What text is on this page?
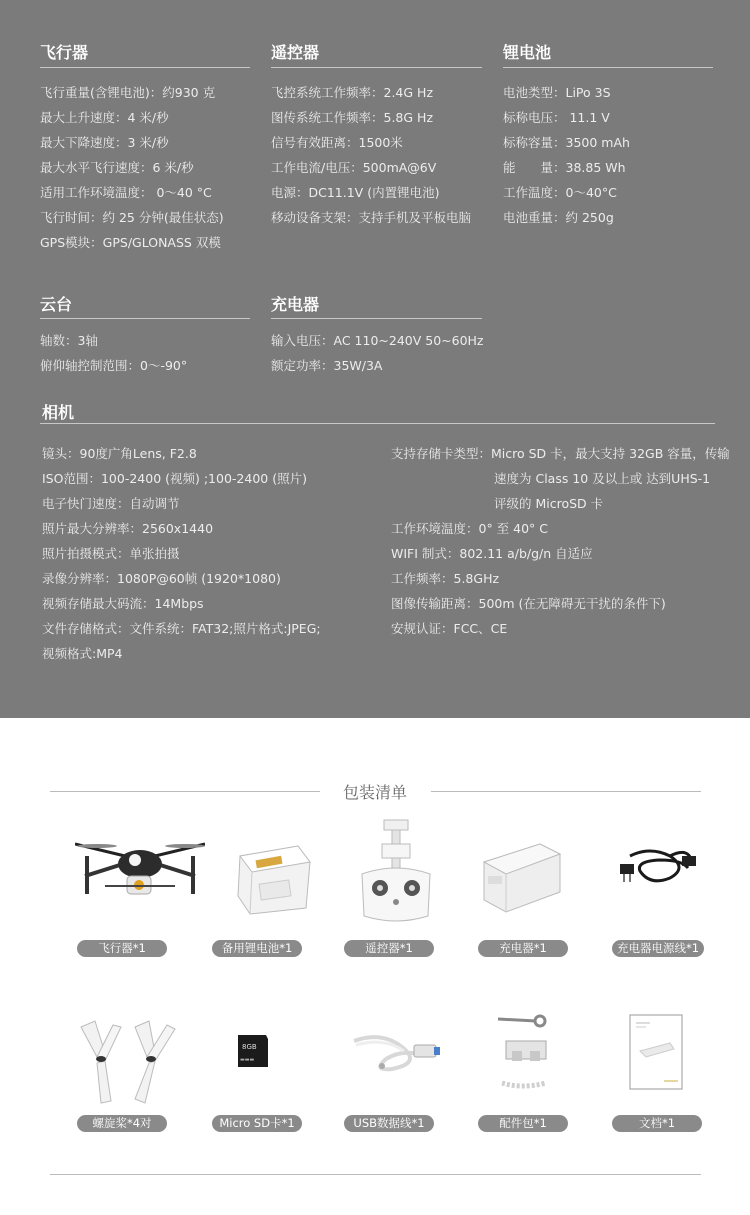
飞行器
飞行重量(含锂电池)：约930 克
最大上升速度：4 米/秒
最大下降速度：3 米/秒
最大水平飞行速度：6 米/秒
适用工作环境温度： 0～40 °C
飞行时间：约 25 分钟(最佳状态)
GPS模块：GPS/GLONASS 双模
遥控器
飞控系统工作频率：2.4G Hz
图传系统工作频率：5.8G Hz
信号有效距离：1500米
工作电流/电压：500mA@6V
电源：DC11.1V (内置锂电池)
移动设备支架：支持手机及平板电脑
锂电池
电池类型：LiPo 3S
标称电压： 11.1 V
标称容量：3500 mAh
能　　量：38.85 Wh
工作温度：0～40°C
电池重量：约 250g
云台
轴数：3轴
俯仰轴控制范围：0～-90°
充电器
输入电压：AC 110~240V 50~60Hz
额定功率：35W/3A
相机
镜头：90度广角Lens, F2.8
ISO范围：100-2400 (视频) ;100-2400 (照片)
电子快门速度：自动调节
照片最大分辨率：2560x1440
照片拍摄模式：单张拍摄
录像分辨率：1080P@60帧 (1920*1080)
视频存储最大码流：14Mbps
文件存储格式：文件系统：FAT32;照片格式:JPEG;
视频格式:MP4
支持存储卡类型：Micro SD 卡，最大支持 32GB 容量，传输
速度为 Class 10 及以上或 达到UHS-1
评级的 MicroSD 卡
工作环境温度：0° 至 40° C
WIFI 制式：802.11 a/b/g/n 自适应
工作频率：5.8GHz
图像传输距离：500m (在无障碍无干扰的条件下)
安规认证：FCC、CE
包装清单
飞行器*1	备用锂电池*1	遥控器*1	充电器*1	充电器电源线*1
螺旋桨*4对
8GB
▬▬▬
Micro SD卡*1	USB数据线*1	配件包*1	文档*1
